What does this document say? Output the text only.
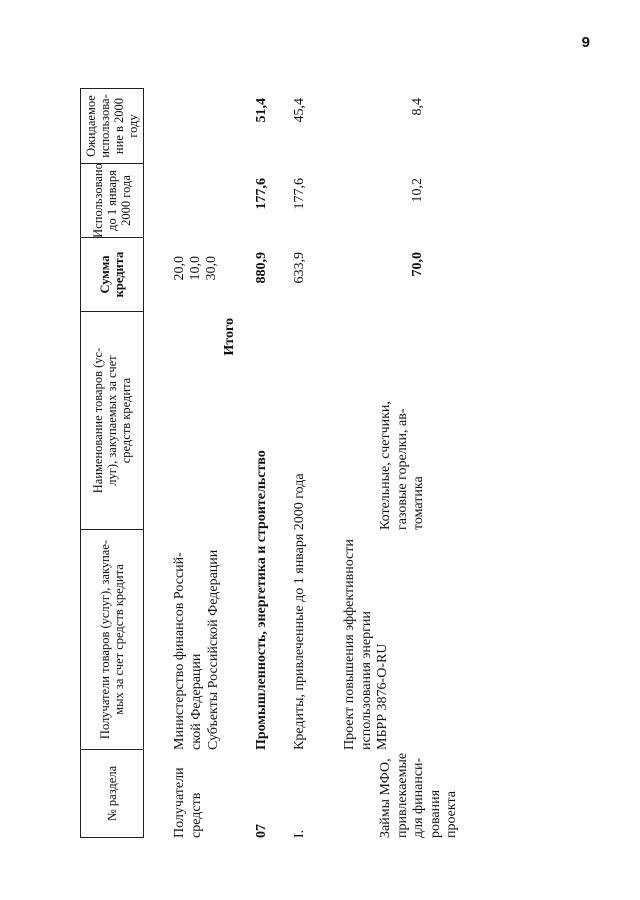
9
№ раздела
Получатели товаров (услуг), закупае-
мых за счет средств кредита
Наименование товаров (ус-
луг), закупаемых за счет
средств кредита
Сумма
кредита
Использовано
до 1 января
2000 года
Ожидаемое
использова-
ние в 2000
году
Получатели
средств
Министерство финансов Россий-
ской Федерации Субъекты Российской Федерации
20,0 10,0
Итого
30,0
07
Промышленность, энергетика и строительство
880,9
177,6
51,4
I.
Кредиты, привлеченные до 1 января 2000 года
633,9
177,6
45,4
Займы МФО,
привлекаемые
для финанси-
рования
проекта
Проект повышения эффективности
использования энергии
МБРР 3876-O-RU
Котельные, счетчики,
газовые горелки, ав-
томатика
70,0
10,2
8,4
